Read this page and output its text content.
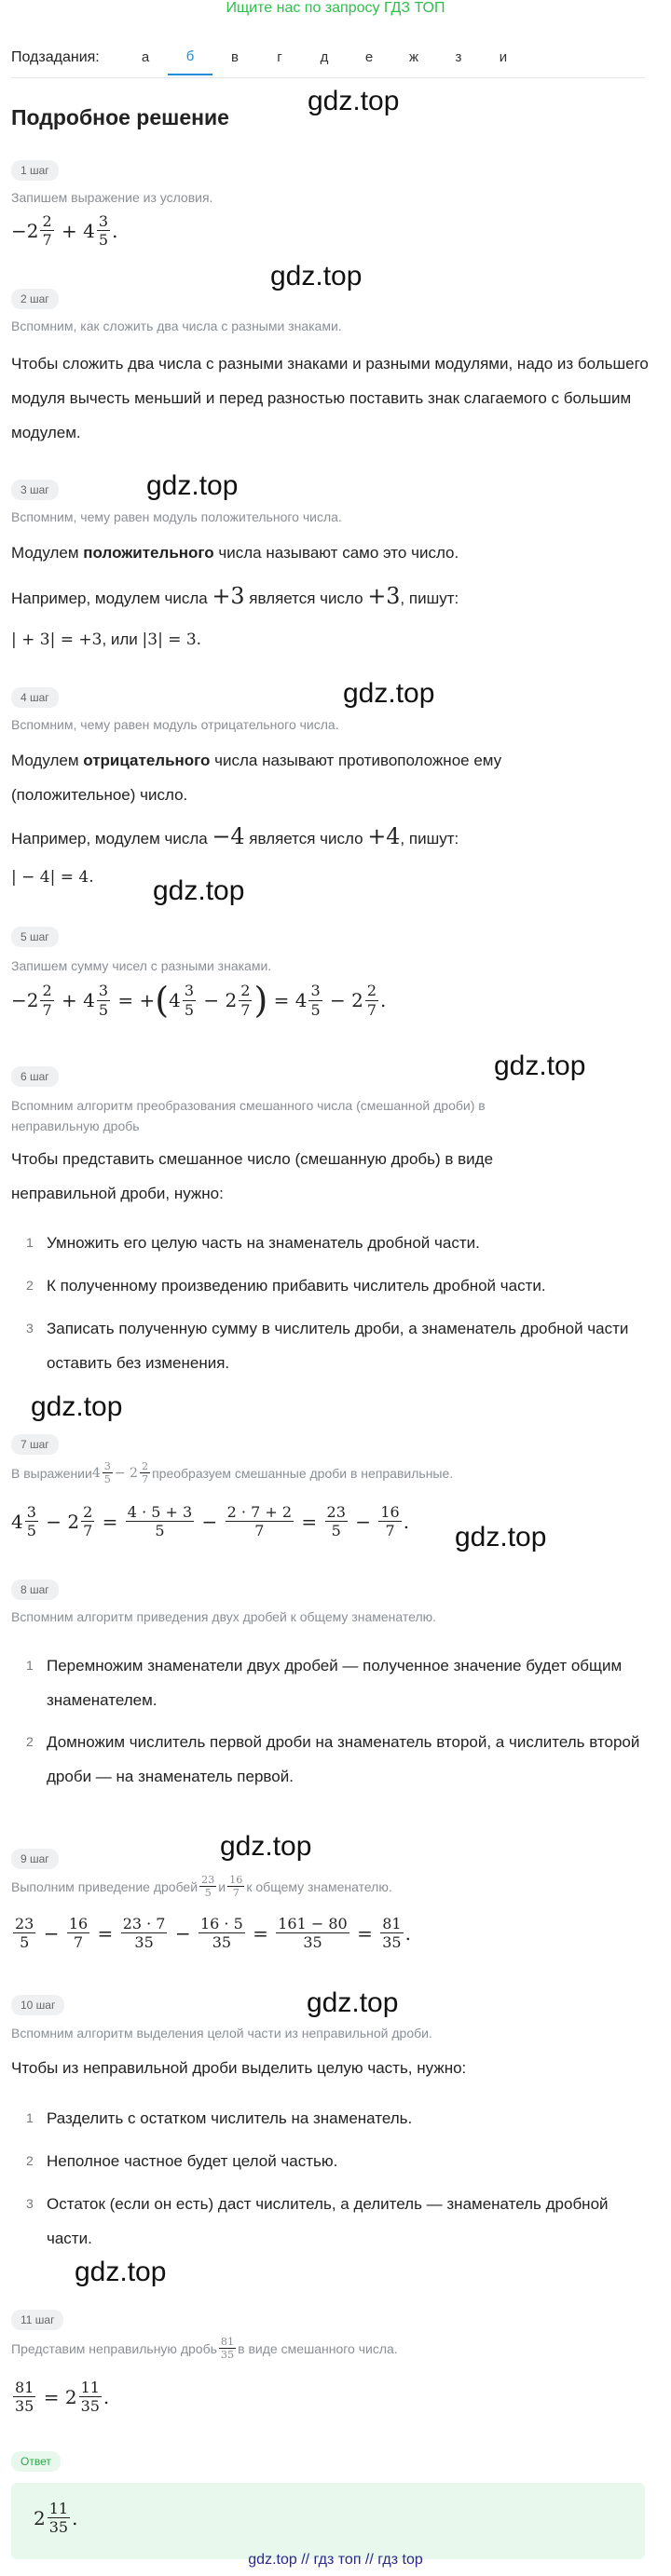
Ищите нас по запросу ГДЗ ТОП
Подзадания:	а	б	в	г	д	е	ж	з	и
Подробное решение
gdz.top
gdz.top
gdz.top
gdz.top
gdz.top
gdz.top
gdz.top
gdz.top
gdz.top
gdz.top
gdz.top
1 шаг
Запишем выражение из условия.
$-2 \frac{2}{7} + 4 \frac{3}{5}$ .
2 шаг
Вспомним, как сложить два числа с разными знаками.
Чтобы сложить два числа с разными знаками и разными модулями, надо из большего модуля вычесть меньший и перед разностью поставить знак слагаемого с большим модулем.
3 шаг
Вспомним, чему равен модуль положительного числа.
Модулем положительного числа называют само это число.
Например, модулем числа +3 является число +3, пишут:
| + 3| = +3, или |3| = 3.
4 шаг
Вспомним, чему равен модуль отрицательного числа.
Модулем отрицательного числа называют противоположное ему (положительное) число.
Например, модулем числа −4 является число +4, пишут:
| − 4| = 4.
5 шаг
Запишем сумму чисел с разными знаками.
$-2 \frac{2}{7} + 4 \frac{3}{5}$ = + ( $4 \frac{3}{5} - 2 \frac{2}{7}$ ) = $4 \frac{3}{5} - 2 \frac{2}{7}$ .
6 шаг
Вспомним алгоритм преобразования смешанного числа (смешанной дроби) в неправильную дробь
Чтобы представить смешанное число (смешанную дробь) в виде неправильной дроби, нужно:
1 Умножить его целую часть на знаменатель дробной части.
2 К полученному произведению прибавить числитель дробной части.
3 Записать полученную сумму в числитель дроби, а знаменатель дробной части оставить без изменения.
7 шаг
В выражении $4 \frac{3}{5} - 2 \frac{2}{7}$ преобразуем смешанные дроби в неправильные.
$4 \frac{3}{5} - 2 \frac{2}{7} = \frac{4 \cdot 5 + 3}{5} - \frac{2 \cdot 7 + 2}{7} = \frac{23}{5} - \frac{16}{7}$ .
8 шаг
Вспомним алгоритм приведения двух дробей к общему знаменателю.
1 Перемножим знаменатели двух дробей — полученное значение будет общим знаменателем.
2 Домножим числитель первой дроби на знаменатель второй, а числитель второй дроби — на знаменатель первой.
9 шаг
Выполним приведение дробей $\frac{23}{5}$ и $\frac{16}{7}$ к общему знаменателю.
$\frac{23}{5} - \frac{16}{7} = \frac{23 \cdot 7}{35} - \frac{16 \cdot 5}{35} = \frac{161 - 80}{35} = \frac{81}{35}$ .
10 шаг
Вспомним алгоритм выделения целой части из неправильной дроби.
Чтобы из неправильной дроби выделить целую часть, нужно:
1 Разделить с остатком числитель на знаменатель.
2 Неполное частное будет целой частью.
3 Остаток (если он есть) даст числитель, а делитель — знаменатель дробной части.
11 шаг
Представим неправильную дробь $\frac{81}{35}$ в виде смешанного числа.
$\frac{81}{35} = 2 \frac{11}{35}$ .
Ответ
$2 \frac{11}{35}$ .
gdz.top // гдз топ // гдз top
